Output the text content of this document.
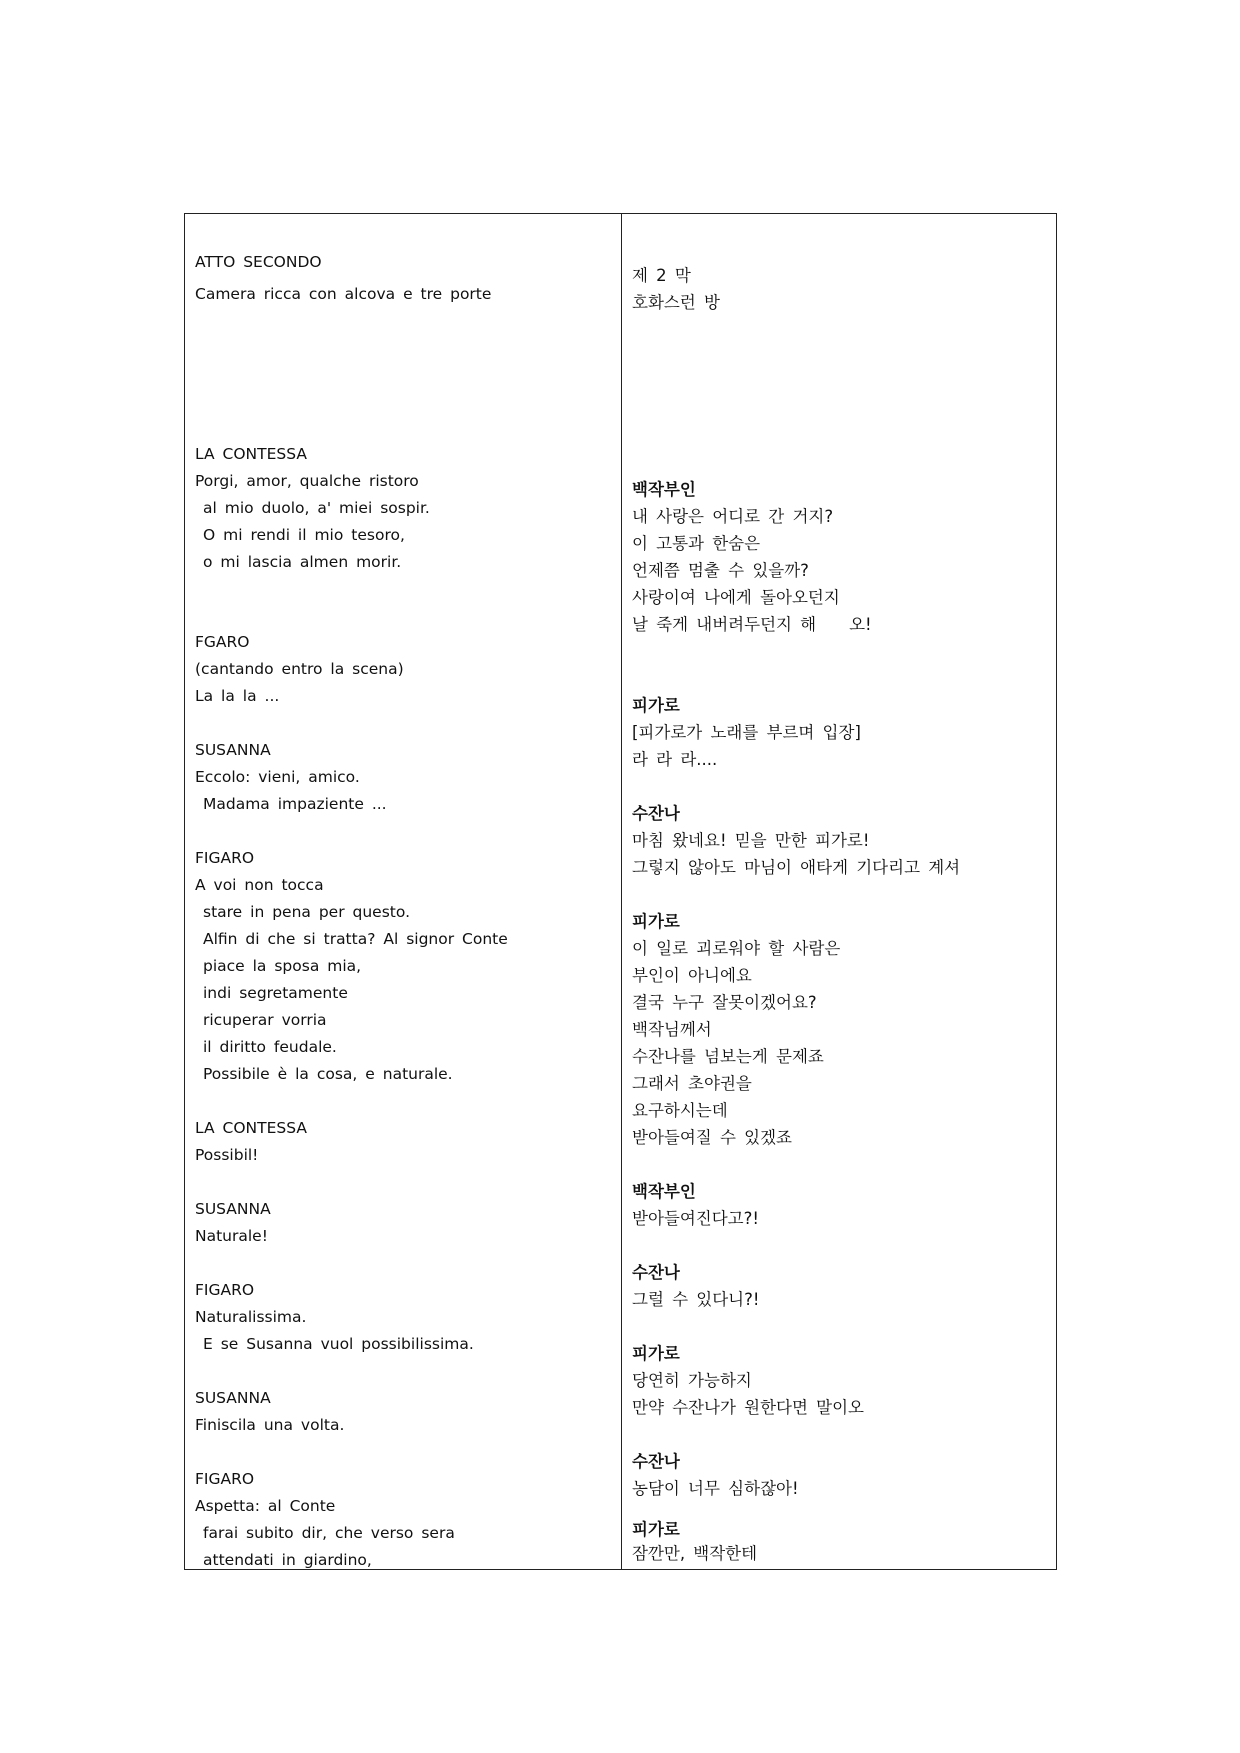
ATTO SECONDO
Camera ricca con alcova e tre porte
LA CONTESSA
Porgi, amor, qualche ristoro
al mio duolo, a' miei sospir.
O mi rendi il mio tesoro,
o mi lascia almen morir.
FGARO
(cantando entro la scena)
La la la ...
SUSANNA
Eccolo: vieni, amico.
Madama impaziente ...
FIGARO
A voi non tocca
stare in pena per questo.
Alfin di che si tratta? Al signor Conte
piace la sposa mia,
indi segretamente
ricuperar vorria
il diritto feudale.
Possibile è la cosa, e naturale.
LA CONTESSA
Possibil!
SUSANNA
Naturale!
FIGARO
Naturalissima.
E se Susanna vuol possibilissima.
SUSANNA
Finiscila una volta.
FIGARO
Aspetta: al Conte
farai subito dir, che verso sera
attendati in giardino,
제 2 막
호화스런 방
백작부인
내 사랑은 어디로 간 거지?
이 고통과 한숨은
언제쯤 멈출 수 있을까?
사랑이여 나에게 돌아오던지
날 죽게 내버려두던지 해    오!
피가로
[피가로가 노래를 부르며 입장]
라 라 라....
수잔나
마침 왔네요! 믿을 만한 피가로!
그렇지 않아도 마님이 애타게 기다리고 계셔
피가로
이 일로 괴로워야 할 사람은
부인이 아니에요
결국 누구 잘못이겠어요?
백작님께서
수잔나를 넘보는게 문제죠
그래서 초야권을
요구하시는데
받아들여질 수 있겠죠
백작부인
받아들여진다고?!
수잔나
그럴 수 있다니?!
피가로
당연히 가능하지
만약 수잔나가 원한다면 말이오
수잔나
농담이 너무 심하잖아!
피가로
잠깐만, 백작한테
